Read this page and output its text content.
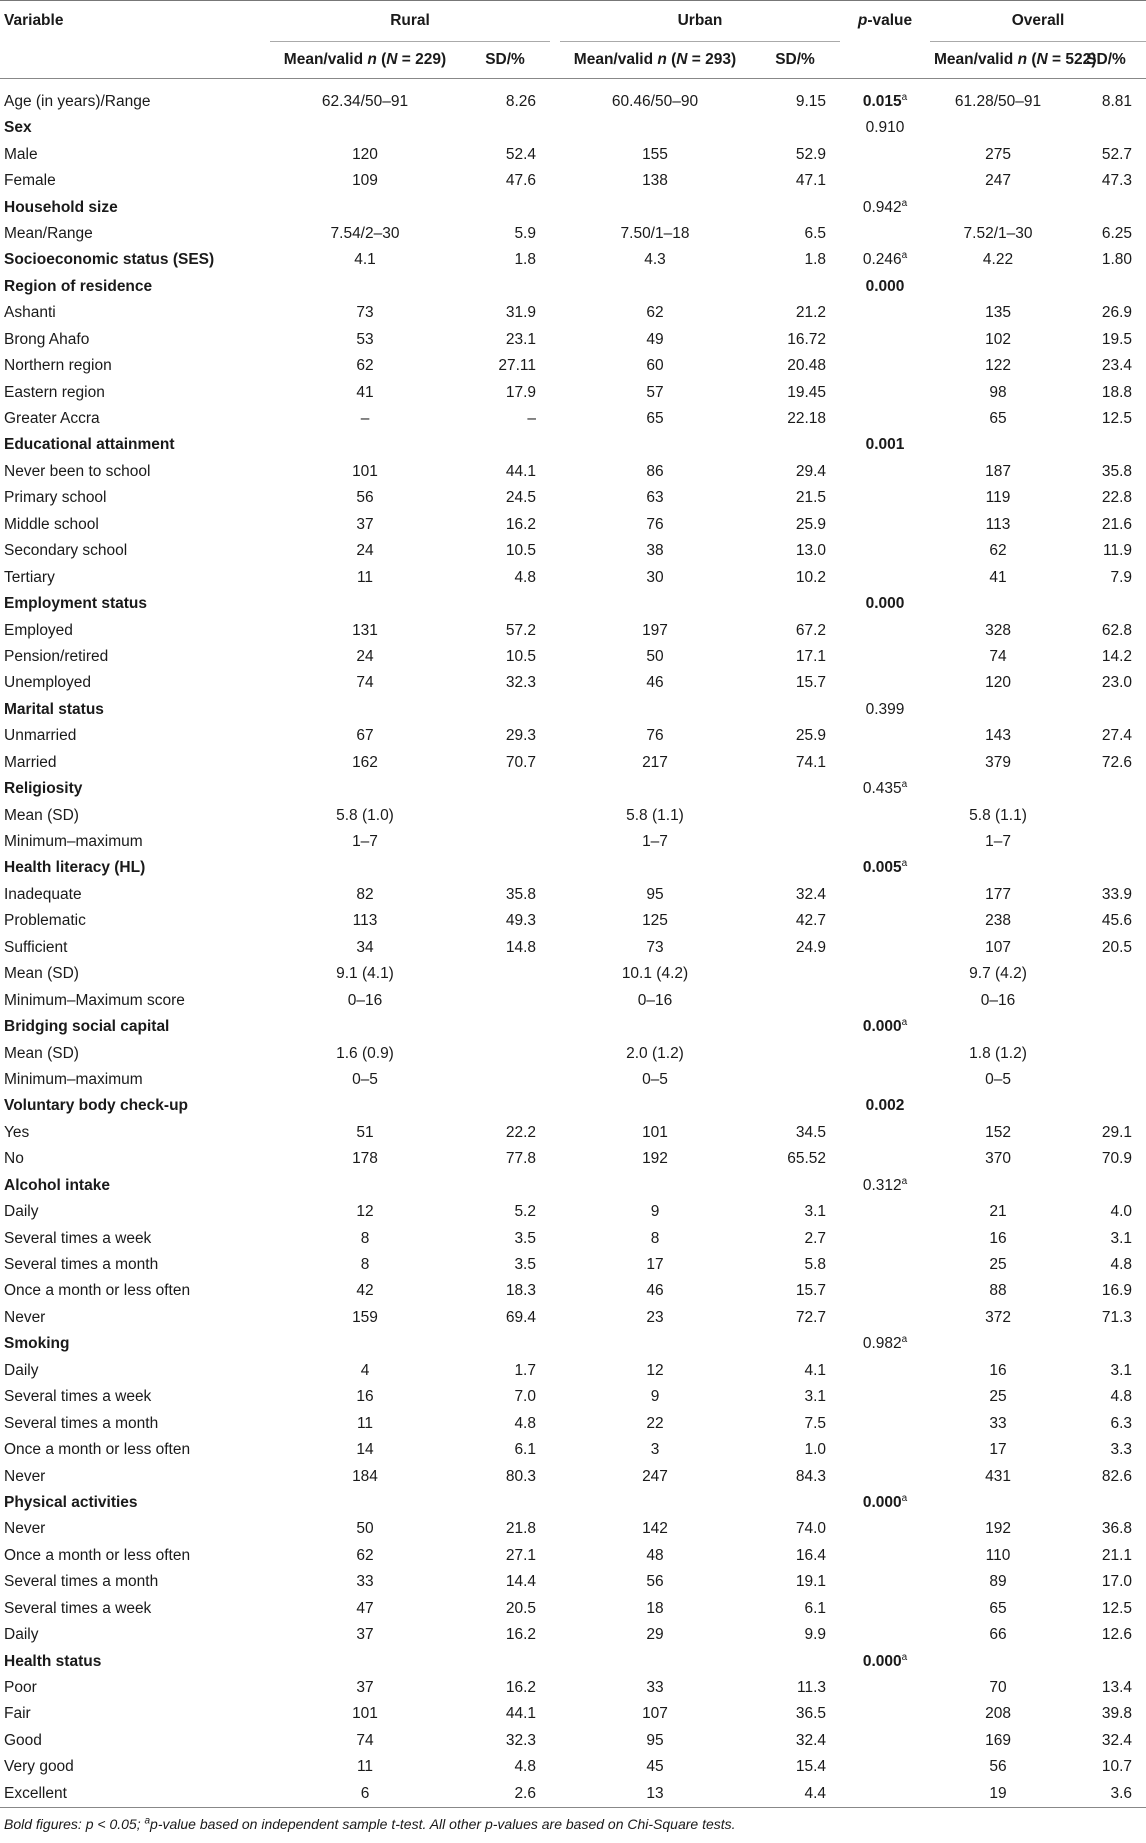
Variable	Rural			Urban		p-value	Overall	
	Mean/valid n (N = 229)	SD/%		Mean/valid n (N = 293)	SD/%		Mean/valid n (N = 522)	SD/%
Age (in years)/Range	62.34/50–91	8.26		60.46/50–90	9.15	0.015$^a$	61.28/50–91	8.81
Sex						0.910		
Male	120	52.4		155	52.9		275	52.7
Female	109	47.6		138	47.1		247	47.3
Household size						0.942$^a$		
Mean/Range	7.54/2–30	5.9		7.50/1–18	6.5		7.52/1–30	6.25
Socioeconomic status (SES)	4.1	1.8		4.3	1.8	0.246$^a$	4.22	1.80
Region of residence						0.000		
Ashanti	73	31.9		62	21.2		135	26.9
Brong Ahafo	53	23.1		49	16.72		102	19.5
Northern region	62	27.11		60	20.48		122	23.4
Eastern region	41	17.9		57	19.45		98	18.8
Greater Accra	–	–		65	22.18		65	12.5
Educational attainment						0.001		
Never been to school	101	44.1		86	29.4		187	35.8
Primary school	56	24.5		63	21.5		119	22.8
Middle school	37	16.2		76	25.9		113	21.6
Secondary school	24	10.5		38	13.0		62	11.9
Tertiary	11	4.8		30	10.2		41	7.9
Employment status						0.000		
Employed	131	57.2		197	67.2		328	62.8
Pension/retired	24	10.5		50	17.1		74	14.2
Unemployed	74	32.3		46	15.7		120	23.0
Marital status						0.399		
Unmarried	67	29.3		76	25.9		143	27.4
Married	162	70.7		217	74.1		379	72.6
Religiosity						0.435$^a$		
Mean (SD)	5.8 (1.0)			5.8 (1.1)			5.8 (1.1)	
Minimum–maximum	1–7			1–7			1–7	
Health literacy (HL)						0.005$^a$		
Inadequate	82	35.8		95	32.4		177	33.9
Problematic	113	49.3		125	42.7		238	45.6
Sufficient	34	14.8		73	24.9		107	20.5
Mean (SD)	9.1 (4.1)			10.1 (4.2)			9.7 (4.2)	
Minimum–Maximum score	0–16			0–16			0–16	
Bridging social capital						0.000$^a$		
Mean (SD)	1.6 (0.9)			2.0 (1.2)			1.8 (1.2)	
Minimum–maximum	0–5			0–5			0–5	
Voluntary body check-up						0.002		
Yes	51	22.2		101	34.5		152	29.1
No	178	77.8		192	65.52		370	70.9
Alcohol intake						0.312$^a$		
Daily	12	5.2		9	3.1		21	4.0
Several times a week	8	3.5		8	2.7		16	3.1
Several times a month	8	3.5		17	5.8		25	4.8
Once a month or less often	42	18.3		46	15.7		88	16.9
Never	159	69.4		23	72.7		372	71.3
Smoking						0.982$^a$		
Daily	4	1.7		12	4.1		16	3.1
Several times a week	16	7.0		9	3.1		25	4.8
Several times a month	11	4.8		22	7.5		33	6.3
Once a month or less often	14	6.1		3	1.0		17	3.3
Never	184	80.3		247	84.3		431	82.6
Physical activities						0.000$^a$		
Never	50	21.8		142	74.0		192	36.8
Once a month or less often	62	27.1		48	16.4		110	21.1
Several times a month	33	14.4		56	19.1		89	17.0
Several times a week	47	20.5		18	6.1		65	12.5
Daily	37	16.2		29	9.9		66	12.6
Health status						0.000$^a$		
Poor	37	16.2		33	11.3		70	13.4
Fair	101	44.1		107	36.5		208	39.8
Good	74	32.3		95	32.4		169	32.4
Very good	11	4.8		45	15.4		56	10.7
Excellent	6	2.6		13	4.4		19	3.6
Bold figures: p < 0.05; $^a$p-value based on independent sample t-test. All other p-values are based on Chi-Square tests.								
